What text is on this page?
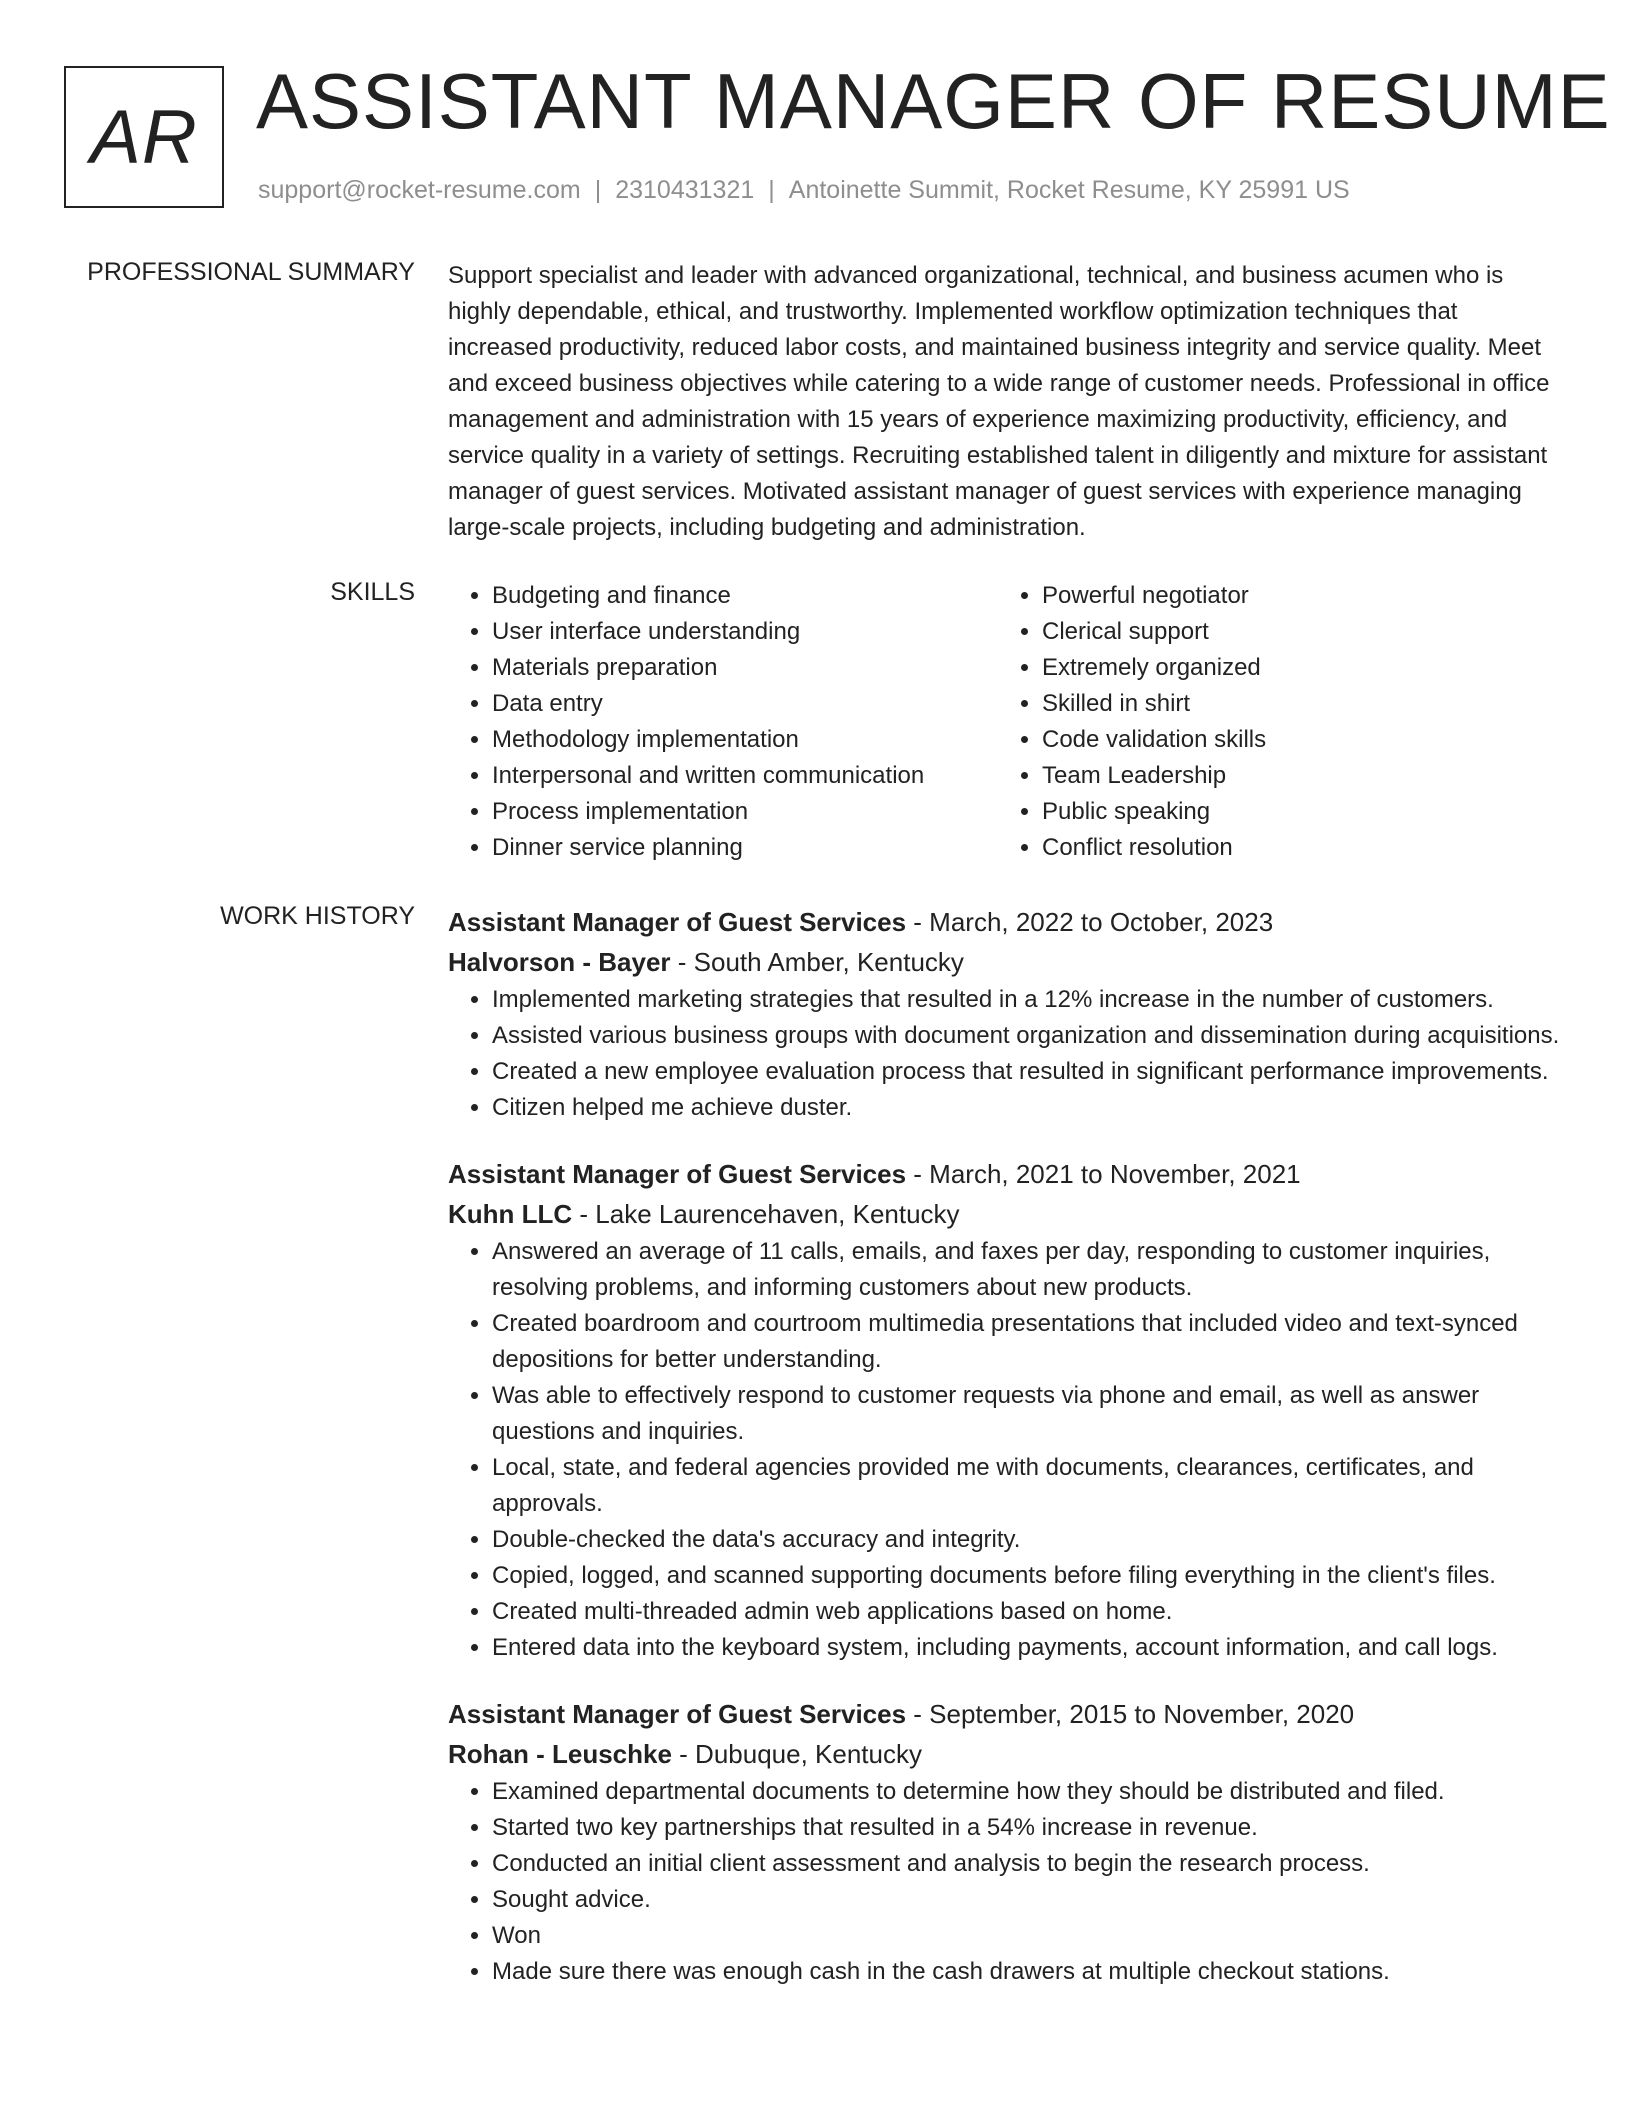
AR ASSISTANT MANAGER OF RESUME
support@rocket-resume.com | 2310431321 | Antoinette Summit, Rocket Resume, KY 25991 US
PROFESSIONAL SUMMARY Support specialist and leader with advanced organizational, technical, and business acumen who is highly dependable, ethical, and trustworthy. Implemented workflow optimization techniques that increased productivity, reduced labor costs, and maintained business integrity and service quality. Meet and exceed business objectives while catering to a wide range of customer needs. Professional in office management and administration with 15 years of experience maximizing productivity, efficiency, and service quality in a variety of settings. Recruiting established talent in diligently and mixture for assistant manager of guest services. Motivated assistant manager of guest services with experience managing large-scale projects, including budgeting and administration.

SKILLS
•	Budgeting and finance
• User interface understanding
• Materials preparation
• Data entry
• Methodology implementation
• Interpersonal and written communication
• Process implementation
• Dinner service planning
• Powerful negotiator
• Clerical support
• Extremely organized
• Skilled in shirt
• Code validation skills
• Team Leadership
• Public speaking
• Conflict resolution
WORK HISTORY Assistant Manager of Guest Services - March, 2022 to October, 2023
Halvorson - Bayer - South Amber, Kentucky
• Implemented marketing strategies that resulted in a 12% increase in the number of customers.
• Assisted various business groups with document organization and dissemination during acquisitions.
• Created a new employee evaluation process that resulted in significant performance improvements.
• Citizen helped me achieve duster.
Assistant Manager of Guest Services - March, 2021 to November, 2021
Kuhn LLC - Lake Laurencehaven, Kentucky
• Answered an average of 11 calls, emails, and faxes per day, responding to customer inquiries, resolving problems, and informing customers about new products.
• Created boardroom and courtroom multimedia presentations that included video and text-synced depositions for better understanding.
• Was able to effectively respond to customer requests via phone and email, as well as answer questions and inquiries.
• Local, state, and federal agencies provided me with documents, clearances, certificates, and approvals.
• Double-checked the data's accuracy and integrity.
• Copied, logged, and scanned supporting documents before filing everything in the client's files.
• Created multi-threaded admin web applications based on home.
• Entered data into the keyboard system, including payments, account information, and call logs.
Assistant Manager of Guest Services - September, 2015 to November, 2020
Rohan - Leuschke - Dubuque, Kentucky
• Examined departmental documents to determine how they should be distributed and filed.
• Started two key partnerships that resulted in a 54% increase in revenue.
• Conducted an initial client assessment and analysis to begin the research process.
• Sought advice.
• Won
• Made sure there was enough cash in the cash drawers at multiple checkout stations.
